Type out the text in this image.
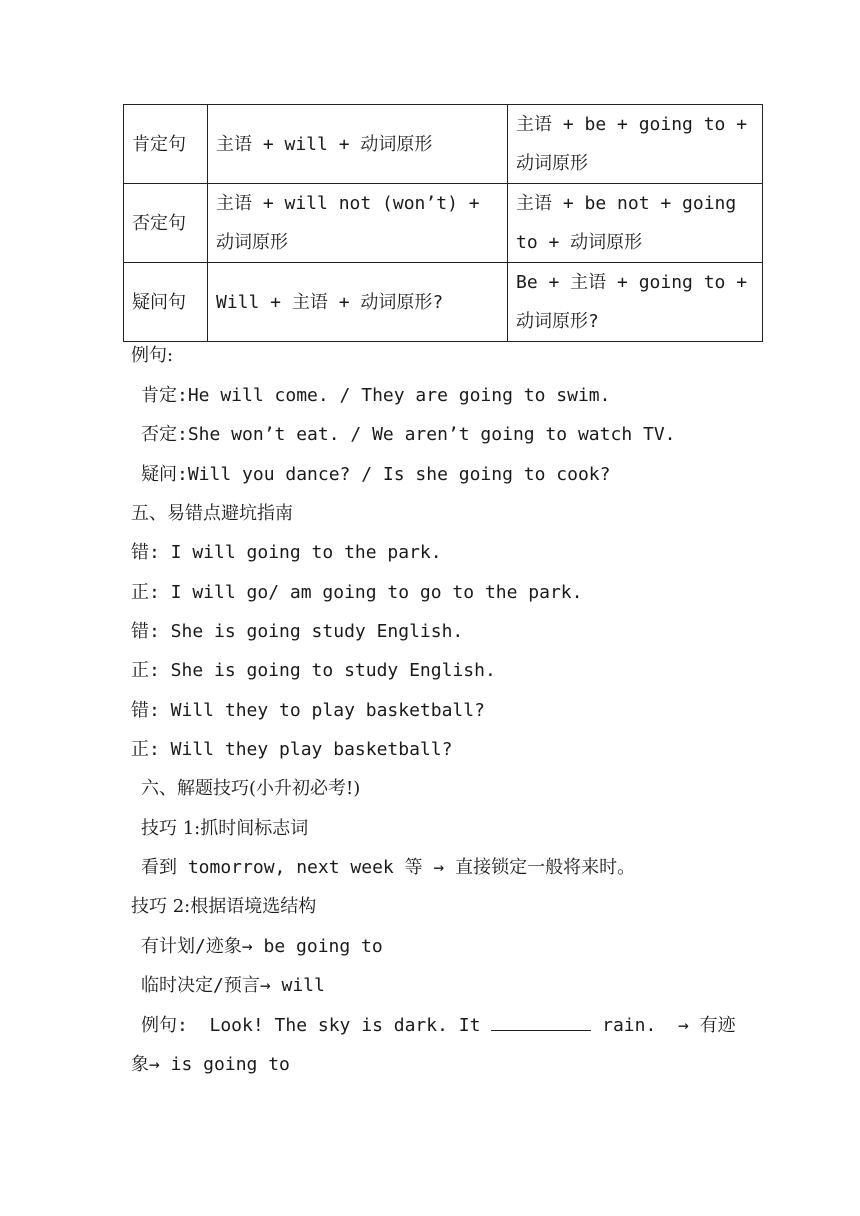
肯定句	主语 + will + 动词原形	主语 + be + going to + 动词原形
否定句	主语 + will not (won’t) + 动词原形	主语 + be not + going to + 动词原形
疑问句	Will + 主语 + 动词原形?	Be + 主语 + going to + 动词原形?
例句:
肯定:He will come. / They are going to swim.
否定:She won’t eat. / We aren’t going to watch TV.
疑问:Will you dance? / Is she going to cook?
五、易错点避坑指南
错: I will going to the park.
正: I will go/ am going to go to the park.
错: She is going study English.
正: She is going to study English.
错: Will they to play basketball?
正: Will they play basketball?
六、解题技巧(小升初必考!)
技巧 1:抓时间标志词
看到 tomorrow, next week 等 → 直接锁定一般将来时。
技巧 2:根据语境选结构
有计划/迹象→ be going to
临时决定/预言→ will
例句:  Look! The sky is dark. It	rain.  → 有迹
象→ is going to
